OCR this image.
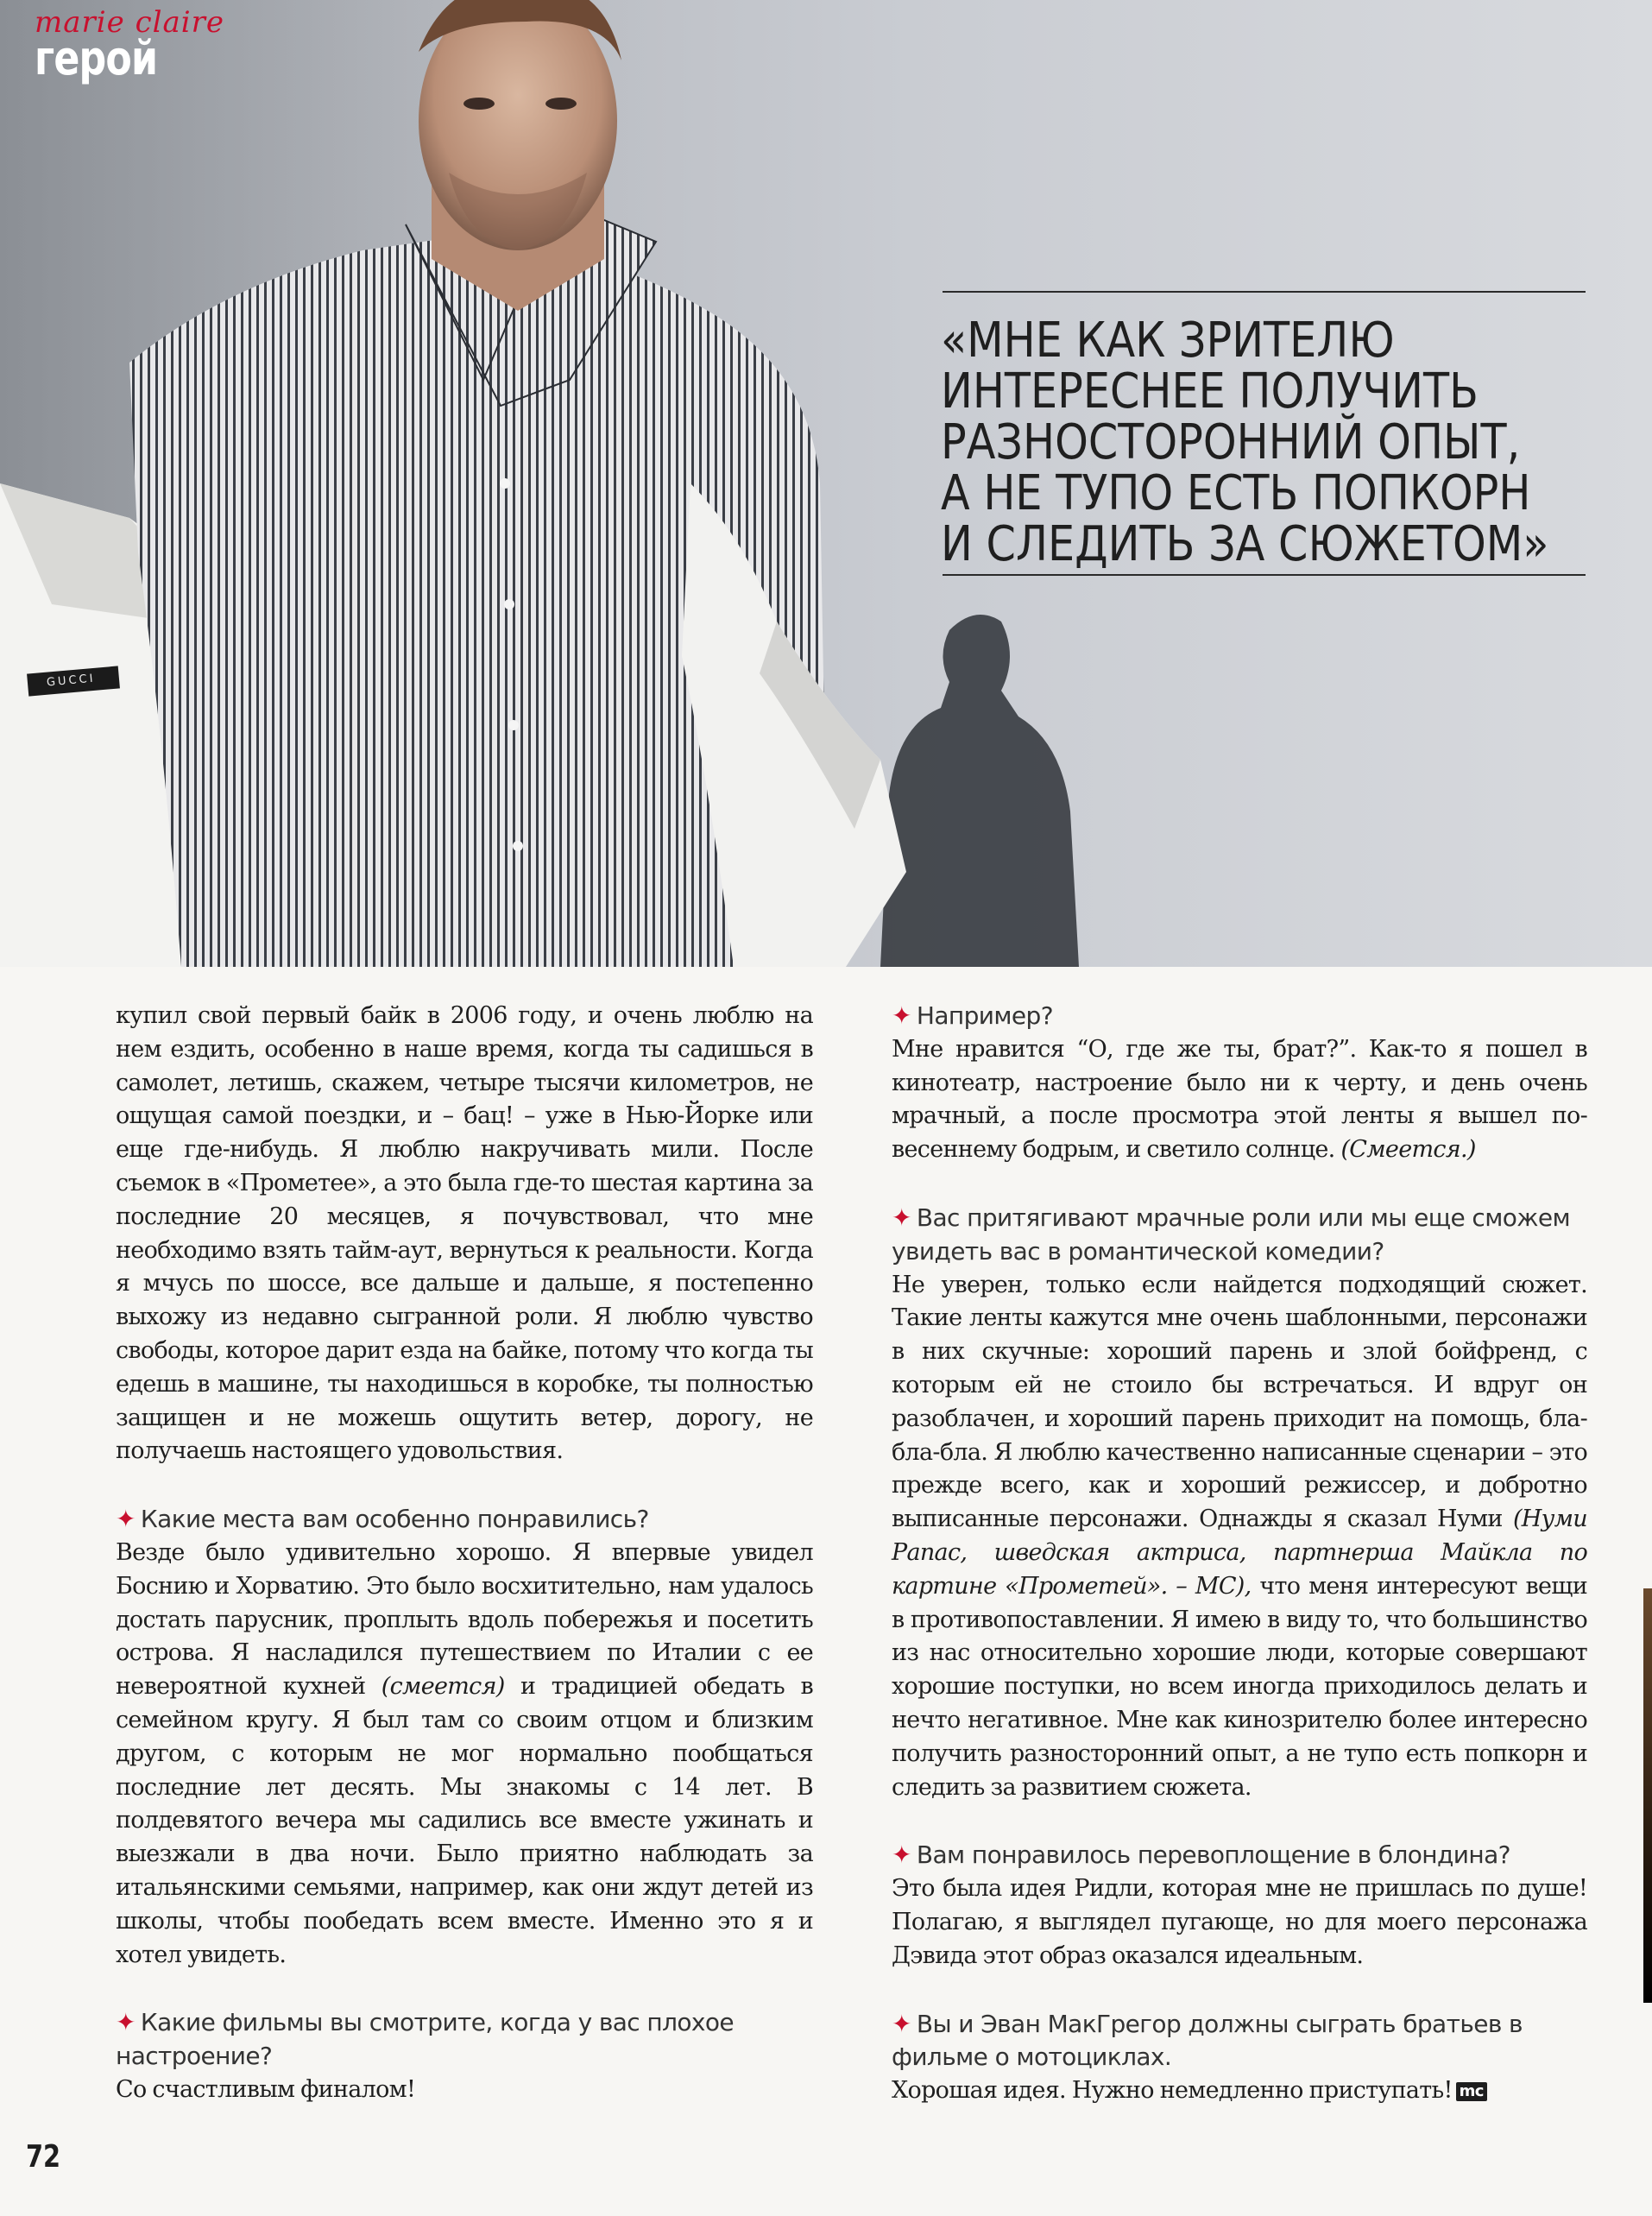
marie claire
герой
GUCCI
«МНЕ КАК ЗРИТЕЛЮ
ИНТЕРЕСНЕЕ ПОЛУЧИТЬ
РАЗНОСТОРОННИЙ ОПЫТ,
А НЕ ТУПО ЕСТЬ ПОПКОРН
И СЛЕДИТЬ ЗА СЮЖЕТОМ»

купил свой первый байк в 2006 году, и очень люблю на нем ездить, особенно в наше время, когда ты садишься в самолет, летишь, скажем, четыре тысячи километров, не ощущая самой поездки, и – бац! – уже в Нью-Йорке или еще где-нибудь. Я люблю накручивать мили. После съемок в «Прометее», а это была где-то шестая картина за последние 20 месяцев, я почувствовал, что мне необходимо взять тайм-аут, вернуться к реальности. Когда я мчусь по шоссе, все дальше и дальше, я постепенно выхожу из недавно сыгранной роли. Я люблю чувство свободы, которое дарит езда на байке, потому что когда ты едешь в машине, ты находишься в коробке, ты полностью защищен и не можешь ощутить ветер, дорогу, не получаешь настоящего удовольствия.

✦ Какие места вам особенно понравились?

Везде было удивительно хорошо. Я впервые увидел Боснию и Хорватию. Это было восхитительно, нам удалось достать парусник, проплыть вдоль побережья и посетить острова. Я насладился путешествием по Италии с ее невероятной кухней (смеется) и традицией обедать в семейном кругу. Я был там со своим отцом и близким другом, с которым не мог нормально пообщаться последние лет десять. Мы знакомы с 14 лет. В полдевятого вечера мы садились все вместе ужинать и выезжали в два ночи. Было приятно наблюдать за итальянскими семьями, например, как они ждут детей из школы, чтобы пообедать всем вместе. Именно это я и хотел увидеть.

✦ Какие фильмы вы смотрите, когда у вас плохое настроение?

Со счастливым финалом!

✦ Например?

Мне нравится “О, где же ты, брат?”. Как-то я пошел в кинотеатр, настроение было ни к черту, и день очень мрачный, а после просмотра этой ленты я вышел по-весеннему бодрым, и светило солнце. (Смеется.)

✦ Вас притягивают мрачные роли или мы еще сможем увидеть вас в романтической комедии?

Не уверен, только если найдется подходящий сюжет. Такие ленты кажутся мне очень шаблонными, персонажи в них скучные: хороший парень и злой бойфренд, с которым ей не стоило бы встречаться. И вдруг он разоблачен, и хороший парень приходит на помощь, бла-бла-бла. Я люблю качественно написанные сценарии – это прежде всего, как и хороший режиссер, и добротно выписанные персонажи. Однажды я сказал Нуми (Нуми Рапас, шведская актриса, партнерша Майкла по картине «Прометей». – МС), что меня интересуют вещи в противопоставлении. Я имею в виду то, что большинство из нас относительно хорошие люди, которые совершают хорошие поступки, но всем иногда приходилось делать и нечто негативное. Мне как кинозрителю более интересно получить разносторонний опыт, а не тупо есть попкорн и следить за развитием сюжета.

✦ Вам понравилось перевоплощение в блондина?

Это была идея Ридли, которая мне не пришлась по душе! Полагаю, я выглядел пугающе, но для моего персонажа Дэвида этот образ оказался идеальным.

✦ Вы и Эван МакГрегор должны сыграть братьев в фильме о мотоциклах.

Хорошая идея. Нужно немедленно приступать! mc

72
